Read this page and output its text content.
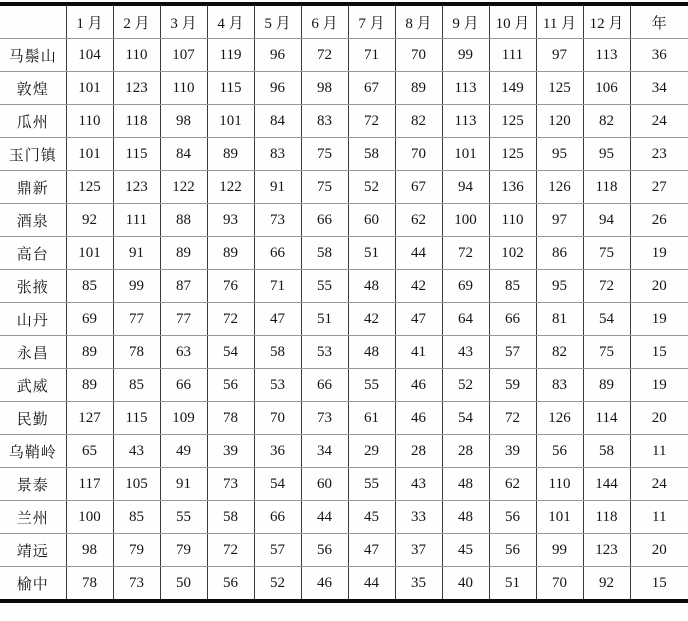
	1 月	2 月	3 月	4 月	5 月	6 月	7 月	8 月	9 月	10 月	11 月	12 月	年
马鬃山	104	110	107	119	96	72	71	70	99	111	97	113	36
敦煌	101	123	110	115	96	98	67	89	113	149	125	106	34
瓜州	110	118	98	101	84	83	72	82	113	125	120	82	24
玉门镇	101	115	84	89	83	75	58	70	101	125	95	95	23
鼎新	125	123	122	122	91	75	52	67	94	136	126	118	27
酒泉	92	111	88	93	73	66	60	62	100	110	97	94	26
高台	101	91	89	89	66	58	51	44	72	102	86	75	19
张掖	85	99	87	76	71	55	48	42	69	85	95	72	20
山丹	69	77	77	72	47	51	42	47	64	66	81	54	19
永昌	89	78	63	54	58	53	48	41	43	57	82	75	15
武威	89	85	66	56	53	66	55	46	52	59	83	89	19
民勤	127	115	109	78	70	73	61	46	54	72	126	114	20
乌鞘岭	65	43	49	39	36	34	29	28	28	39	56	58	11
景泰	117	105	91	73	54	60	55	43	48	62	110	144	24
兰州	100	85	55	58	66	44	45	33	48	56	101	118	11
靖远	98	79	79	72	57	56	47	37	45	56	99	123	20
榆中	78	73	50	56	52	46	44	35	40	51	70	92	15
